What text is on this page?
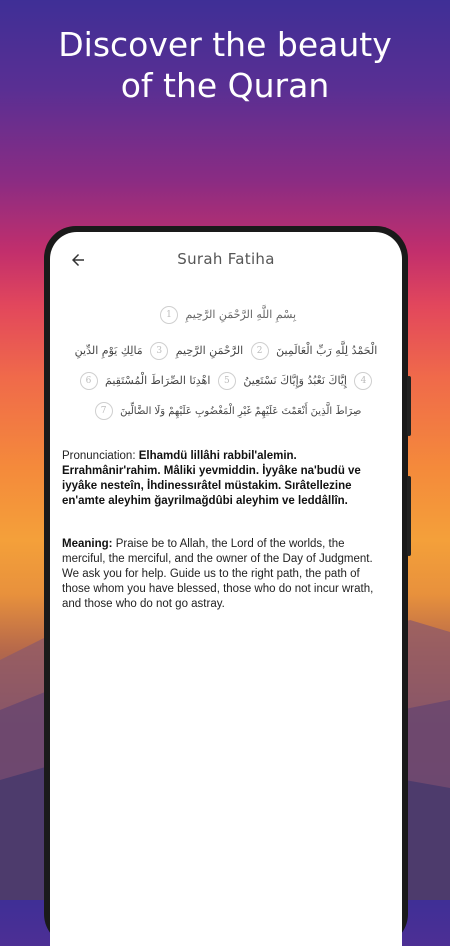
Discover the beauty
of the Quran
Surah Fatiha
بِسْمِ اللَّهِ الرَّحْمَنِ الرَّحِيمِ 1
الْحَمْدُ لِلَّهِ رَبِّ الْعَالَمِينَ 2 الرَّحْمَنِ الرَّحِيمِ 3 مَالِكِ يَوْمِ الدِّينِ
4 إِيَّاكَ نَعْبُدُ وَإِيَّاكَ نَسْتَعِينُ 5 اهْدِنَا الصِّرَاطَ الْمُسْتَقِيمَ 6
صِرَاطَ الَّذِينَ أَنْعَمْتَ عَلَيْهِمْ غَيْرِ الْمَغْضُوبِ عَلَيْهِمْ وَلَا الضَّالِّينَ 7
Pronunciation: Elhamdü lillâhi rabbil'alemin. Errahmânir'rahim. Mâliki yevmiddin. İyyâke na'budü ve iyyâke nesteîn, İhdinessırâtel müstakim. Sırâtellezine en'amte aleyhim ğayrilmağdûbi aleyhim ve leddâllîn.
Meaning: Praise be to Allah, the Lord of the worlds, the merciful, the merciful, and the owner of the Day of Judgment. We ask you for help. Guide us to the right path, the path of those whom you have blessed, those who do not incur wrath, and those who do not go astray.
